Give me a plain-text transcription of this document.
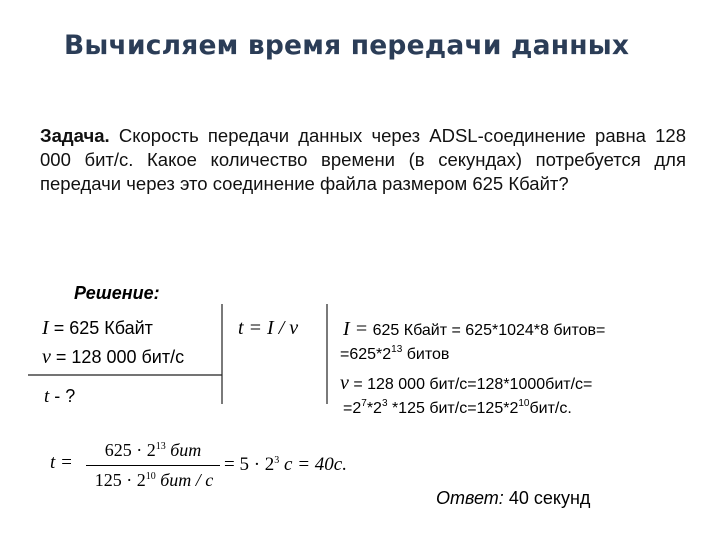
Вычисляем время передачи данных
Задача. Скорость передачи данных через ADSL-соединение равна 128 000 бит/с. Какое количество времени (в секундах) потребуется для передачи через это соединение файла размером 625 Кбайт?
Решение:
I = 625 Кбайт
v = 128 000 бит/с
t - ?
t = I / v I = 625 Кбайт = 625*1024*8 битов=
$=625*2^{13}$ битов
v = 128 000 бит/с=128*1000бит/с=
$=2^7*2^3$ *125 бит/$с=125*2^{10}бит/с$.
t =
$625 \cdot 2^{13}$ бит
$125 \cdot 2^{10}$ бит / с
= $5 \cdot 2^3$ с = 40с.
Ответ: 40 секунд
